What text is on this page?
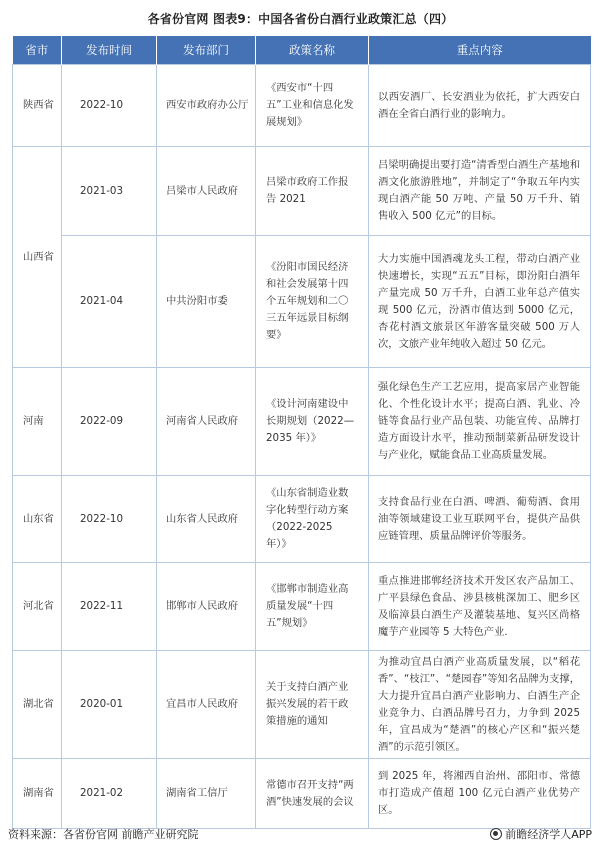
各省份官网 图表9：中国各省份白酒行业政策汇总（四）
省市	发布时间	发布部门	政策名称	重点内容
陕西省	2022-10	西安市政府办公厅	《西安市“十四五”工业和信息化发展规划》	以西安酒厂、长安酒业为依托，扩大西安白酒在全省白酒行业的影响力。
山西省	2021-03	吕梁市人民政府	吕梁市政府工作报告 2021	吕梁明确提出要打造“清香型白酒生产基地和酒文化旅游胜地”，并制定了“争取五年内实现白酒产能 50 万吨、产量 50 万千升、销售收入 500 亿元”的目标。
	2021-04	中共汾阳市委	《汾阳市国民经济和社会发展第十四个五年规划和二〇三五年远景目标纲要》	大力实施中国酒魂龙头工程，带动白酒产业快速增长，实现“五五”目标，即汾阳白酒年产量完成 50 万千升，白酒工业年总产值实现 500 亿元，汾酒市值达到 5000 亿元，杏花村酒文旅景区年游客量突破 500 万人次，文旅产业年纯收入超过 50 亿元。
河南	2022-09	河南省人民政府	《设计河南建设中长期规划（2022—2035 年）》	强化绿色生产工艺应用，提高家居产业智能化、个性化设计水平；提高白酒、乳业、冷链等食品行业产品包装、功能宣传、品牌打造方面设计水平，推动预制菜新品研发设计与产业化，赋能食品工业高质量发展。
山东省	2022-10	山东省人民政府	《山东省制造业数字化转型行动方案（2022-2025 年）》	支持食品行业在白酒、啤酒、葡萄酒、食用油等领域建设工业互联网平台，提供产品供应链管理、质量品牌评价等服务。
河北省	2022-11	邯郸市人民政府	《邯郸市制造业高质量发展“十四五”规划》	重点推进邯郸经济技术开发区农产品加工、广平县绿色食品、涉县核桃深加工、肥乡区及临漳县白酒生产及灌装基地、复兴区尚格魔芋产业园等 5 大特色产业.
湖北省	2020-01	宜昌市人民政府	关于支持白酒产业振兴发展的若干政策措施的通知	为推动宜昌白酒产业高质量发展，以“稻花香”、“枝江”、“楚园春”等知名品牌为支撑，大力提升宜昌白酒产业影响力、白酒生产企业竞争力、白酒品牌号召力，力争到 2025 年，宜昌成为“楚酒”的核心产区和“振兴楚酒”的示范引领区。
湖南省	2021-02	湖南省工信厅	常德市召开支持“两酒”快速发展的会议	到 2025 年，将湘西自治州、邵阳市、常德市打造成产值超 100 亿元白酒产业优势产区。
资料来源：各省份官网 前瞻产业研究院	前瞻经济学人APP
